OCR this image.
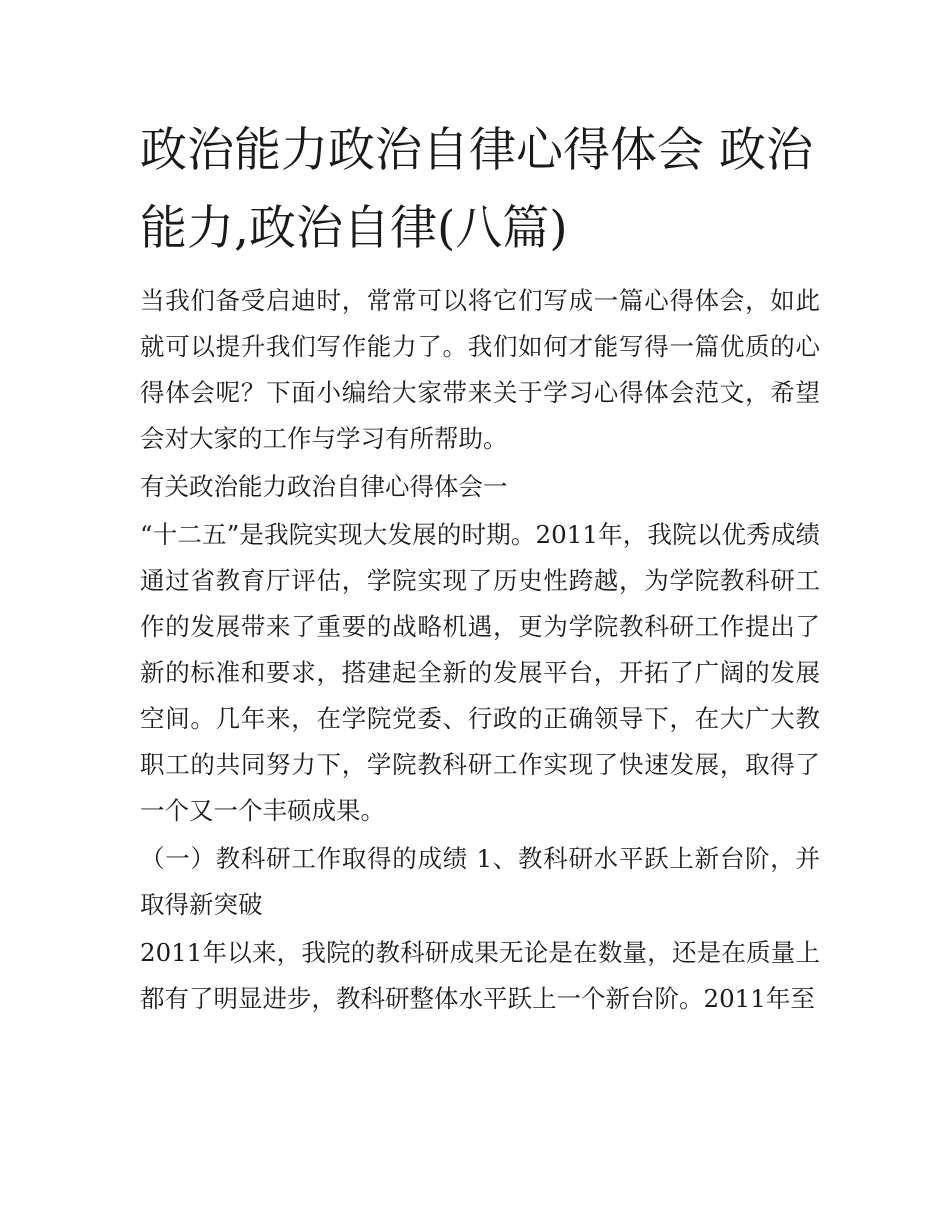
政治能力政治自律心得体会 政治能力,政治自律(八篇)

当我们备受启迪时，常常可以将它们写成一篇心得体会，如此就可以提升我们写作能力了。我们如何才能写得一篇优质的心得体会呢？下面小编给大家带来关于学习心得体会范文，希望会对大家的工作与学习有所帮助。

有关政治能力政治自律心得体会一

“十二五”是我院实现大发展的时期。2011年，我院以优秀成绩通过省教育厅评估，学院实现了历史性跨越，为学院教科研工作的发展带来了重要的战略机遇，更为学院教科研工作提出了新的标准和要求，搭建起全新的发展平台，开拓了广阔的发展空间。几年来，在学院党委、行政的正确领导下，在大广大教职工的共同努力下，学院教科研工作实现了快速发展，取得了一个又一个丰硕成果。

（一）教科研工作取得的成绩 1、教科研水平跃上新台阶，并取得新突破

2011年以来，我院的教科研成果无论是在数量，还是在质量上都有了明显进步，教科研整体水平跃上一个新台阶。2011年至
